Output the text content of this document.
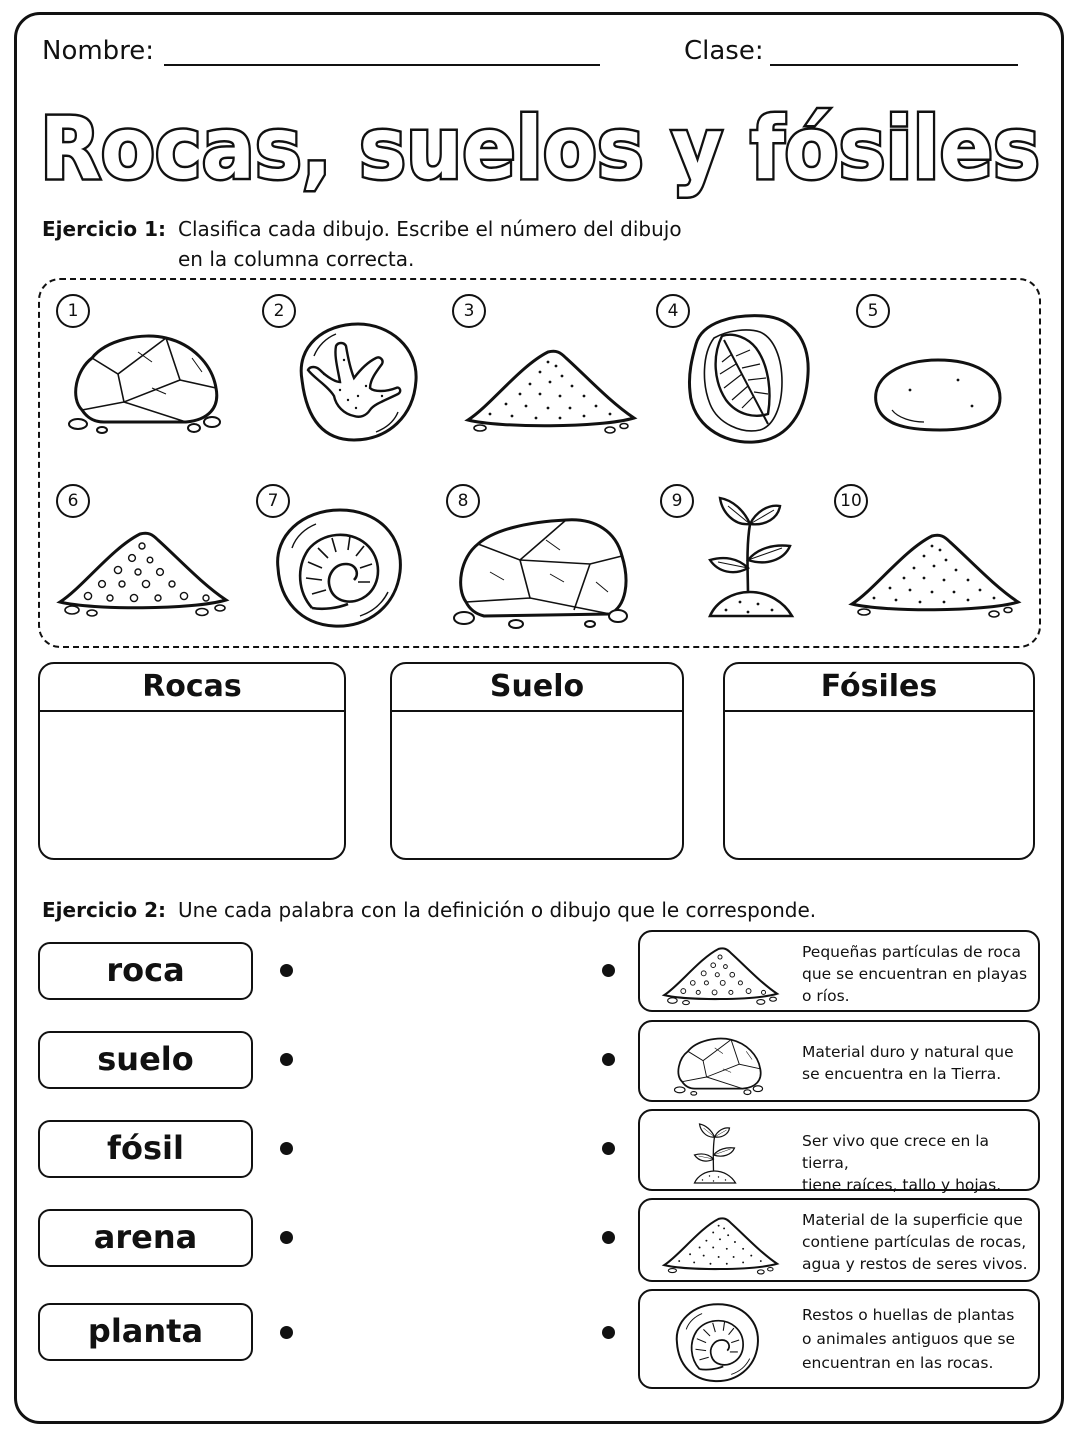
Nombre:	Clase:
Rocas, suelos y fósiles
Ejercicio 1: Clasifica cada dibujo. Escribe el número del dibujo
en la columna correcta.
1	2	3	4	5
6	7	8	9	10
Rocas	Suelo	Fósiles
Ejercicio 2: Une cada palabra con la definición o dibujo que le corresponde.
roca
suelo
fósil
arena
planta
Pequeñas partículas de roca
que se encuentran en playas
o ríos.
Material duro y natural que
se encuentra en la Tierra.
Ser vivo que crece en la tierra,
tiene raíces, tallo y hojas.
Material de la superficie que
contiene partículas de rocas,
agua y restos de seres vivos.
Restos o huellas de plantas
o animales antiguos que se
encuentran en las rocas.
